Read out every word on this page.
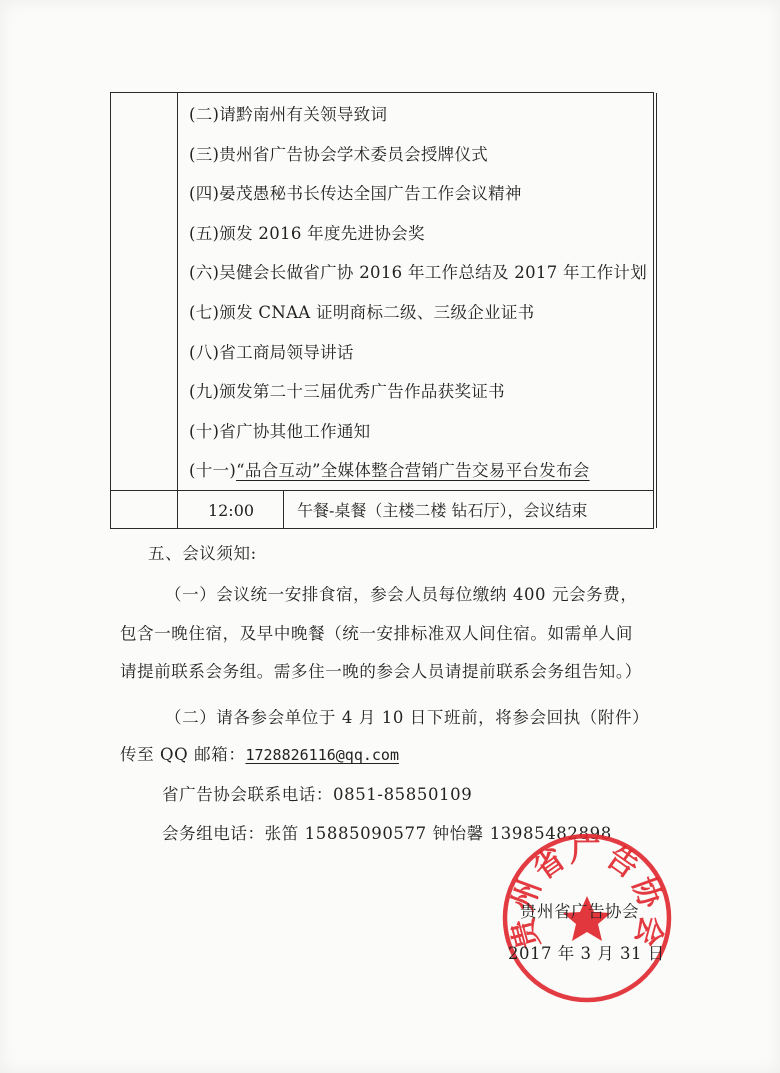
(二)请黔南州有关领导致词
(三)贵州省广告协会学术委员会授牌仪式
(四)晏茂愚秘书长传达全国广告工作会议精神
(五)颁发 2016 年度先进协会奖
(六)吴健会长做省广协 2016 年工作总结及 2017 年工作计划
(七)颁发 CNAA 证明商标二级、三级企业证书
(八)省工商局领导讲话
(九)颁发第二十三届优秀广告作品获奖证书
(十)省广协其他工作通知
(十一)“品合互动”全媒体整合营销广告交易平台发布会
12:00	午餐-桌餐（主楼二楼 钻石厅），会议结束
五、会议须知:
（一）会议统一安排食宿，参会人员每位缴纳 400 元会务费，
包含一晚住宿，及早中晚餐（统一安排标准双人间住宿。如需单人间
请提前联系会务组。需多住一晚的参会人员请提前联系会务组告知。）
（二）请各参会单位于 4 月 10 日下班前，将参会回执（附件）
传至 QQ 邮箱：1728826116@qq.com
省广告协会联系电话：0851-85850109
会务组电话：张笛 15885090577 钟怡馨 13985482898
贵州省广告协会
贵州省广告协会
2017 年 3 月 31 日
